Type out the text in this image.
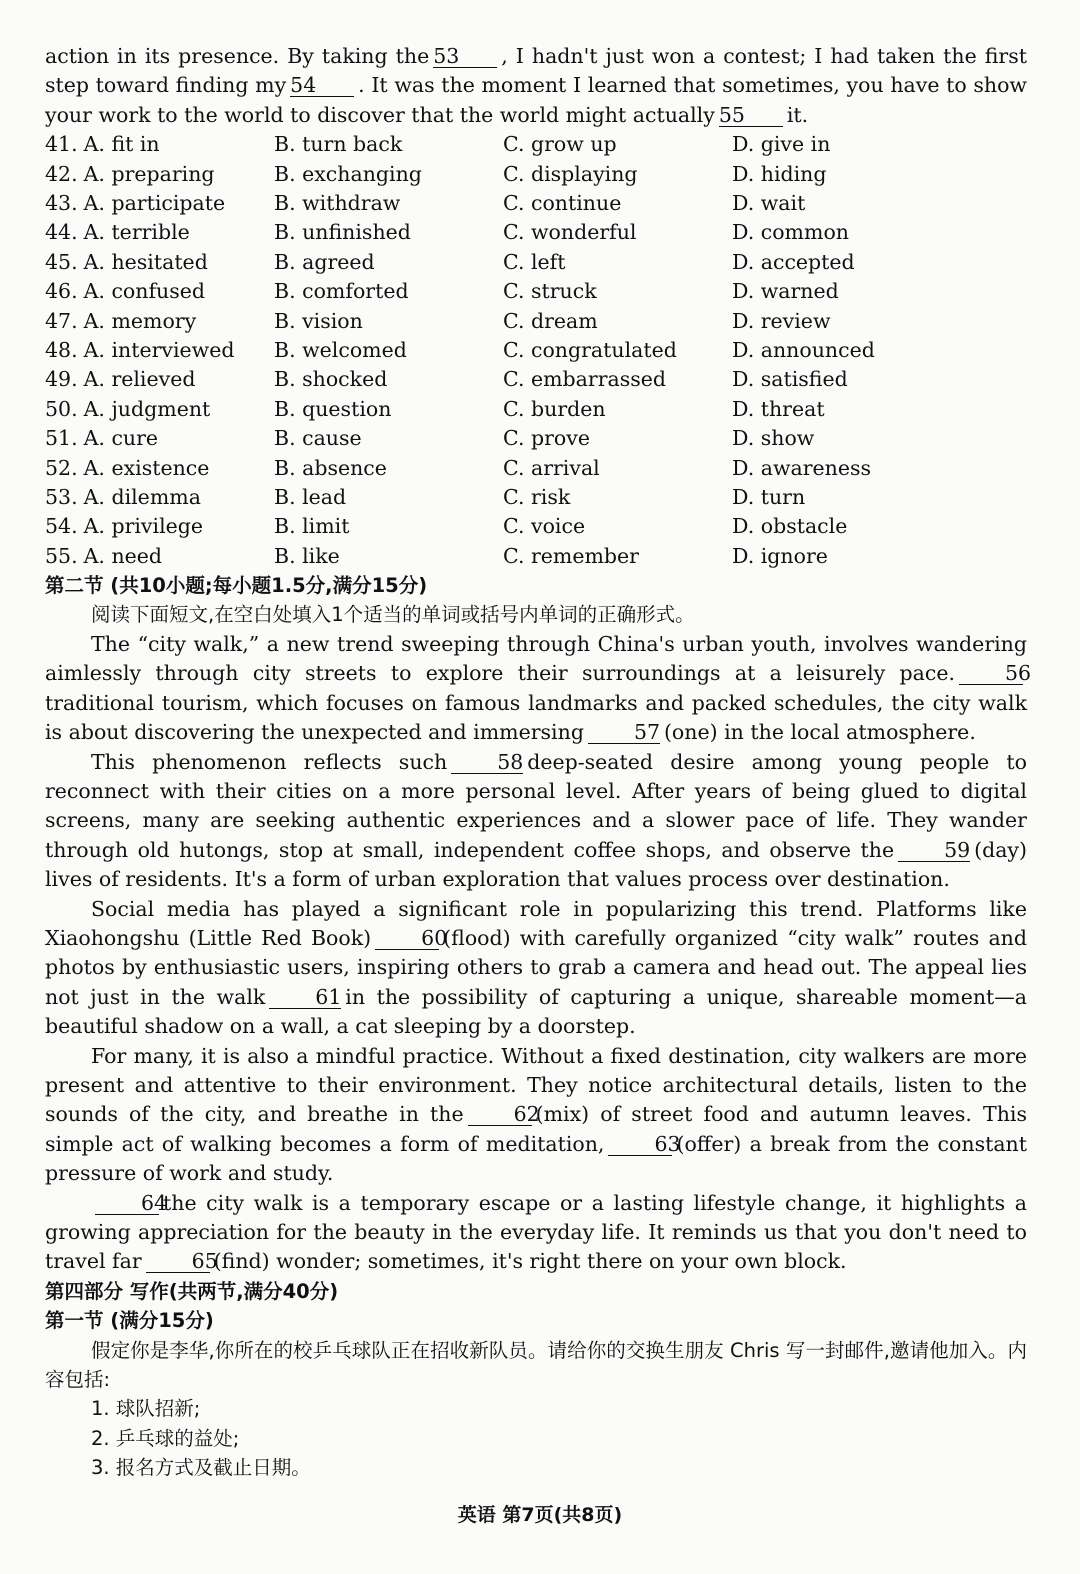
action in its presence. By taking the 53 , I hadn't just won a contest; I had taken the first step toward finding my 54 . It was the moment I learned that sometimes, you have to show your work to the world to discover that the world might actually 55 it.

41. A. fit in	B. turn back	C. grow up	D. give in
42. A. preparing	B. exchanging	C. displaying	D. hiding
43. A. participate	B. withdraw	C. continue	D. wait
44. A. terrible	B. unfinished	C. wonderful	D. common
45. A. hesitated	B. agreed	C. left	D. accepted
46. A. confused	B. comforted	C. struck	D. warned
47. A. memory	B. vision	C. dream	D. review
48. A. interviewed	B. welcomed	C. congratulated	D. announced
49. A. relieved	B. shocked	C. embarrassed	D. satisfied
50. A. judgment	B. question	C. burden	D. threat
51. A. cure	B. cause	C. prove	D. show
52. A. existence	B. absence	C. arrival	D. awareness
53. A. dilemma	B. lead	C. risk	D. turn
54. A. privilege	B. limit	C. voice	D. obstacle
55. A. need	B. like	C. remember	D. ignore

第二节 (共10小题;每小题1.5分,满分15分)

阅读下面短文,在空白处填入1个适当的单词或括号内单词的正确形式。

The “city walk,” a new trend sweeping through China's urban youth, involves wandering aimlessly through city streets to explore their surroundings at a leisurely pace. 56traditional tourism, which focuses on famous landmarks and packed schedules, the city walk is about discovering the unexpected and immersing 57 (one) in the local atmosphere.

This phenomenon reflects such 58 deep-seated desire among young people to reconnect with their cities on a more personal level. After years of being glued to digital screens, many are seeking authentic experiences and a slower pace of life. They wander through old hutongs, stop at small, independent coffee shops, and observe the 59 (day) lives of residents. It's a form of urban exploration that values process over destination.

Social media has played a significant role in popularizing this trend. Platforms like Xiaohongshu (Little Red Book) 60(flood) with carefully organized “city walk” routes and photos by enthusiastic users, inspiring others to grab a camera and head out. The appeal lies not just in the walk 61 in the possibility of capturing a unique, shareable moment—a beautiful shadow on a wall, a cat sleeping by a doorstep.

For many, it is also a mindful practice. Without a fixed destination, city walkers are more present and attentive to their environment. They notice architectural details, listen to the sounds of the city, and breathe in the 62(mix) of street food and autumn leaves. This simple act of walking becomes a form of meditation, 63(offer) a break from the constant pressure of work and study.

64the city walk is a temporary escape or a lasting lifestyle change, it highlights a growing appreciation for the beauty in the everyday life. It reminds us that you don't need to travel far 65(find) wonder; sometimes, it's right there on your own block.

第四部分 写作(共两节,满分40分)

第一节 (满分15分)

假定你是李华,你所在的校乒乓球队正在招收新队员。请给你的交换生朋友 Chris 写一封邮件,邀请他加入。内容包括:

1. 球队招新;

2. 乒乓球的益处;

3. 报名方式及截止日期。

英语 第7页(共8页)
